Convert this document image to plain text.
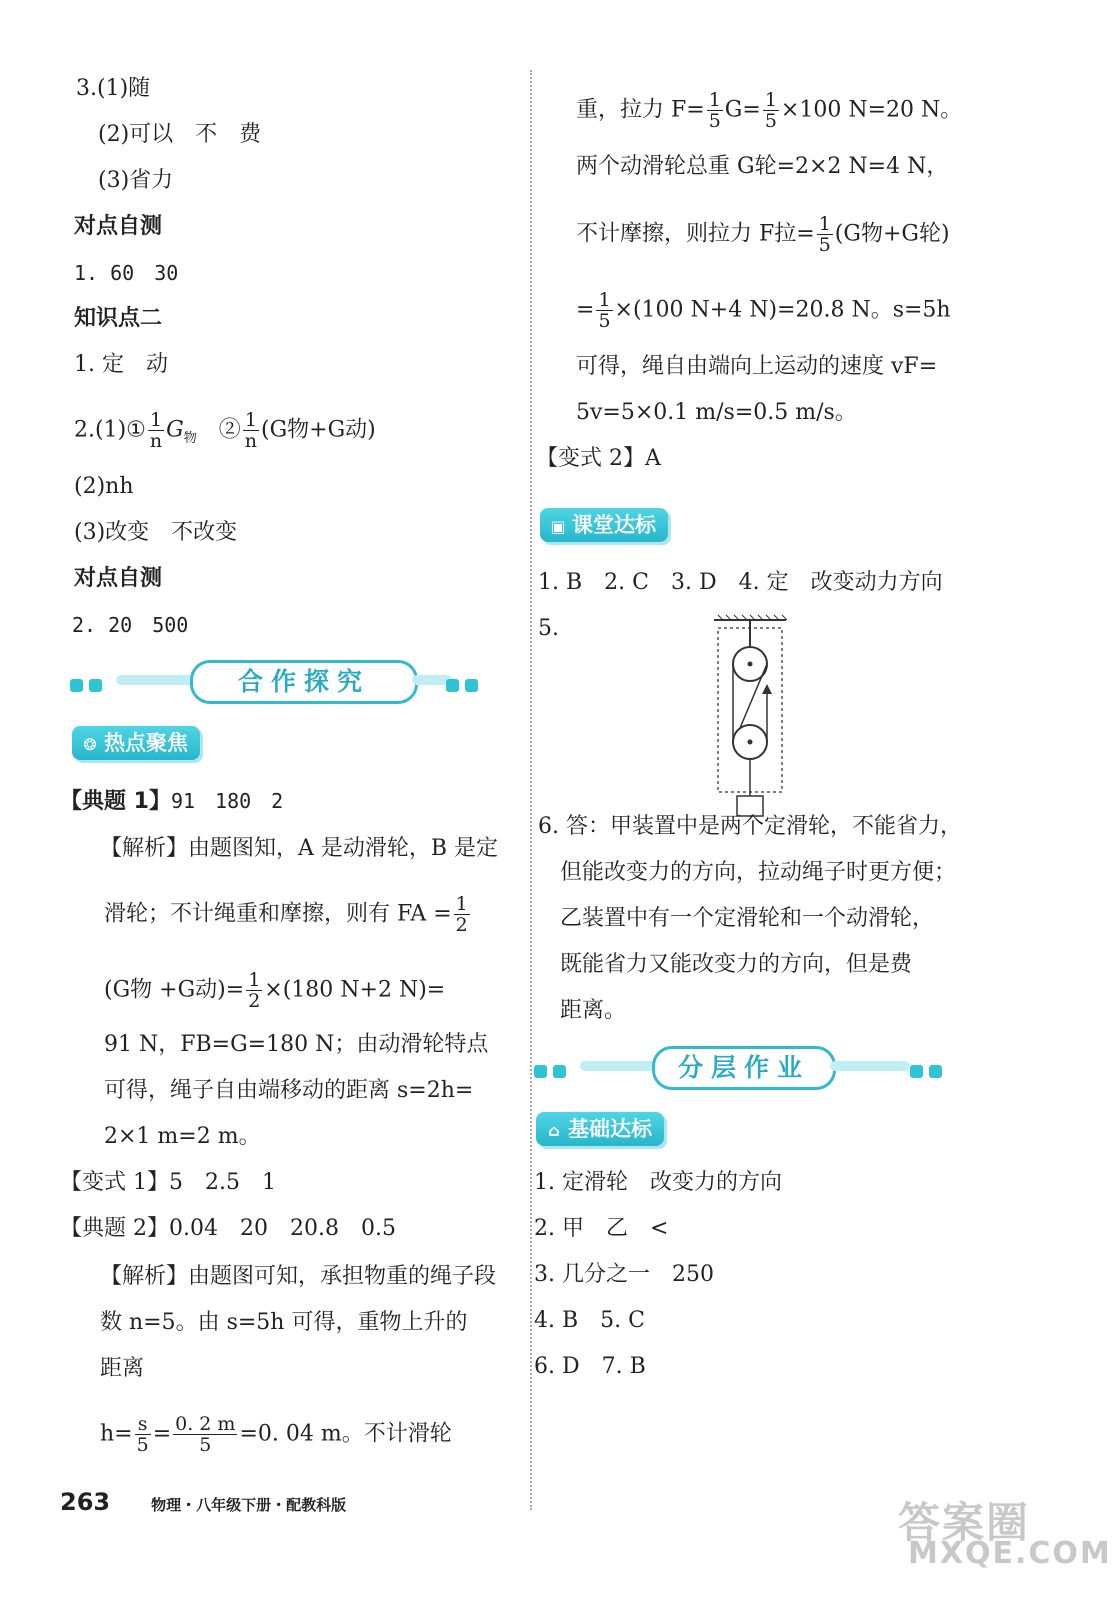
3.(1)随
(2)可以　不　费
(3)省力
对点自测
1. 60　30
知识点二
1. 定　动
2.(1)① $\frac{1}{n} G_物$　 ② $\frac{1}{n} (G$物+G动)
(2)nh
(3)改变　不改变
对点自测
2. 20　500
合作探究
❂ 热点聚焦
【典题 1】91　180　2
【解析】由题图知，A 是动滑轮，B 是定
滑轮；不计绳重和摩擦，则有 FA = $\frac{1}{2}$
(G物 +G动)= $\frac{1}{2} \times(180$ N+2 N)=
91 N，FB=G=180 N；由动滑轮特点
可得，绳子自由端移动的距离 s=2h=
2×1 m=2 m。
【变式 1】5　2.5　1
【典题 2】0.04　20　20.8　0.5
【解析】由题图可知，承担物重的绳子段
数 n=5。由 s=5h 可得，重物上升的
距离
$h= \frac{s}{5} = \frac{0. 2 m}{5} =0$. 04 m。不计滑轮
重，拉力 $F= \frac{1}{5} G= \frac{1}{5} \times 100$ N=20 N。
两个动滑轮总重 G轮=2×2 N=4 N，
不计摩擦，则拉力 F拉= $\frac{1}{5} (G$物+G轮)
= $\frac{1}{5} \times(100$ N+4 N)=20.8 N。s=5h
可得，绳自由端向上运动的速度 vF=
5v=5×0.1 m/s=0.5 m/s。
【变式 2】A
▣ 课堂达标
1. B　2. C　3. D　4. 定　改变动力方向
5.
6. 答：甲装置中是两个定滑轮，不能省力，
但能改变力的方向，拉动绳子时更方便；
乙装置中有一个定滑轮和一个动滑轮，
既能省力又能改变力的方向，但是费
距离。
分层作业
⌂ 基础达标
1. 定滑轮　改变力的方向
2. 甲　乙　<
3. 几分之一　250
4. B　5. C
6. D　7. B
263	物理・八年级下册・配教科版	答案圈
MXQE.COM
